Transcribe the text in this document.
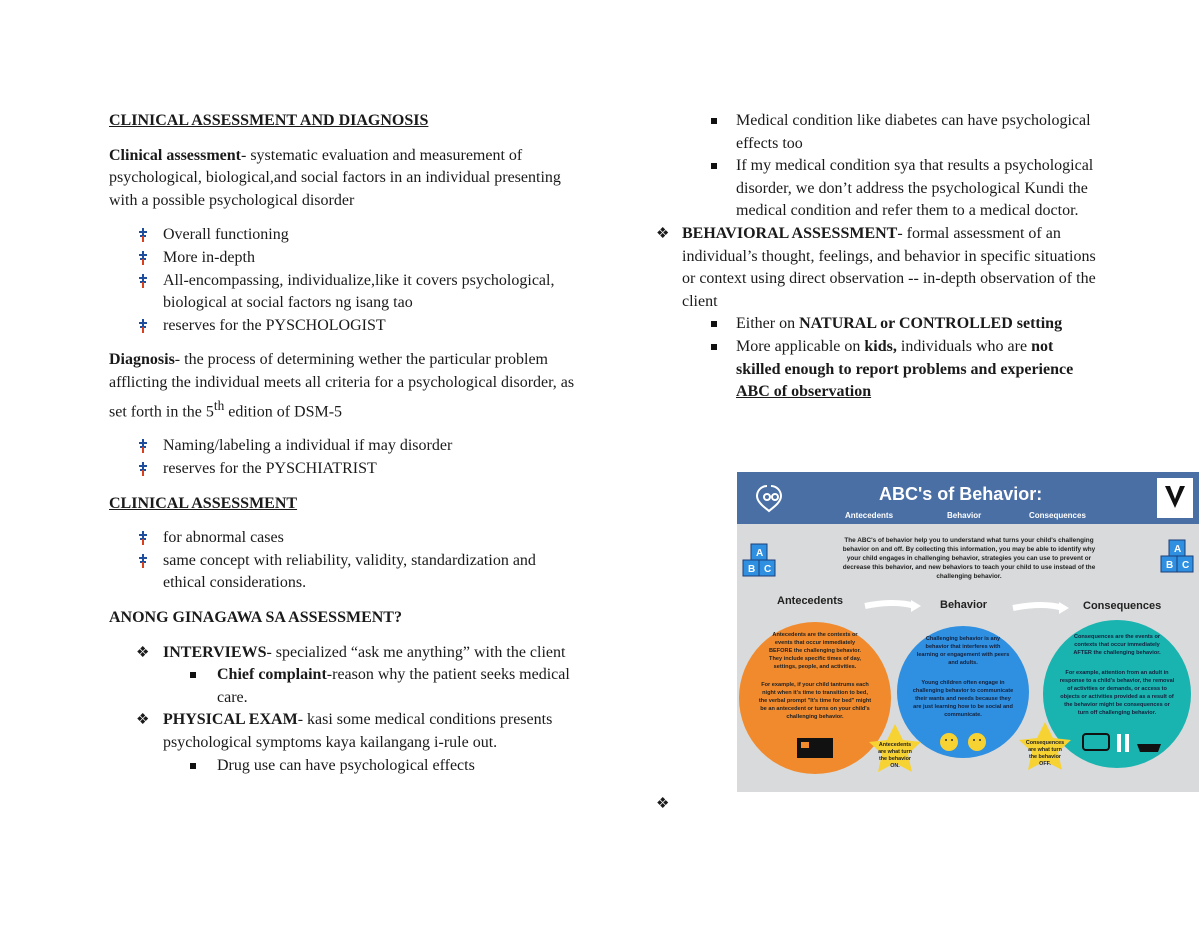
CLINICAL ASSESSMENT AND DIAGNOSIS

Clinical assessment- systematic evaluation and measurement of psychological, biological,and social factors in an individual presenting with a possible psychological disorder

Overall functioning
More in-depth
All-encompassing, individualize,like it covers psychological, biological at social factors ng isang tao
reserves for the PYSCHOLOGIST

Diagnosis- the process of determining wether the particular problem afflicting the individual meets all criteria for a psychological disorder, as set forth in the 5th edition of DSM-5

Naming/labeling a individual if may disorder
reserves for the PYSCHIATRIST

CLINICAL ASSESSMENT

for abnormal cases
same concept with reliability, validity, standardization and ethical considerations.

ANONG GINAGAWA SA ASSESSMENT?

❖ INTERVIEWS- specialized “ask me anything” with the client
Chief complaint-reason why the patient seeks medical care.
❖ PHYSICAL EXAM- kasi some medical conditions presents psychological symptoms kaya kailangang i-rule out.
Drug use can have psychological effects
Medical condition like diabetes can have psychological effects too
If my medical condition sya that results a psychological disorder, we don’t address the psychological Kundi the medical condition and refer them to a medical doctor.

❖ BEHAVIORAL ASSESSMENT- formal assessment of an individual’s thought, feelings, and behavior in specific situations or context using direct observation -- in-depth observation of the client

Either on NATURAL or CONTROLLED setting
More applicable on kids, individuals who are not skilled enough to report problems and experience
ABC of observation
ABC's of Behavior:
Antecedents	Behavior	Consequences
A
B C
A
B C
The ABC's of behavior help you to understand what turns your child's challenging
behavior on and off. By collecting this information, you may be able to identify why
your child engages in challenging behavior, strategies you can use to prevent or
decrease this behavior, and new behaviors to teach your child to use instead of the
challenging behavior.
Antecedents	Behavior	Consequences
Antecedents are the contexts or
events that occur immediately
BEFORE the challenging behavior.
They include specific times of day,
settings, people, and activities.
For example, if your child tantrums each
night when it's time to transition to bed,
the verbal prompt "It's time for bed" might
be an antecedent or turns on your child's
challenging behavior.
Challenging behavior is any
behavior that interferes with
learning or engagement with peers
and adults.
Young children often engage in
challenging behavior to communicate
their wants and needs because they
are just learning how to be social and
communicate.
Consequences are the events or
contexts that occur immediately
AFTER the challenging behavior.
For example, attention from an adult in
response to a child's behavior, the removal
of activities or demands, or access to
objects or activities provided as a result of
the behavior might be consequences or
turn off challenging behavior.
Antecedents
are what turn
the behavior
ON.
Consequences
are what turn
the behavior
OFF.
❖
